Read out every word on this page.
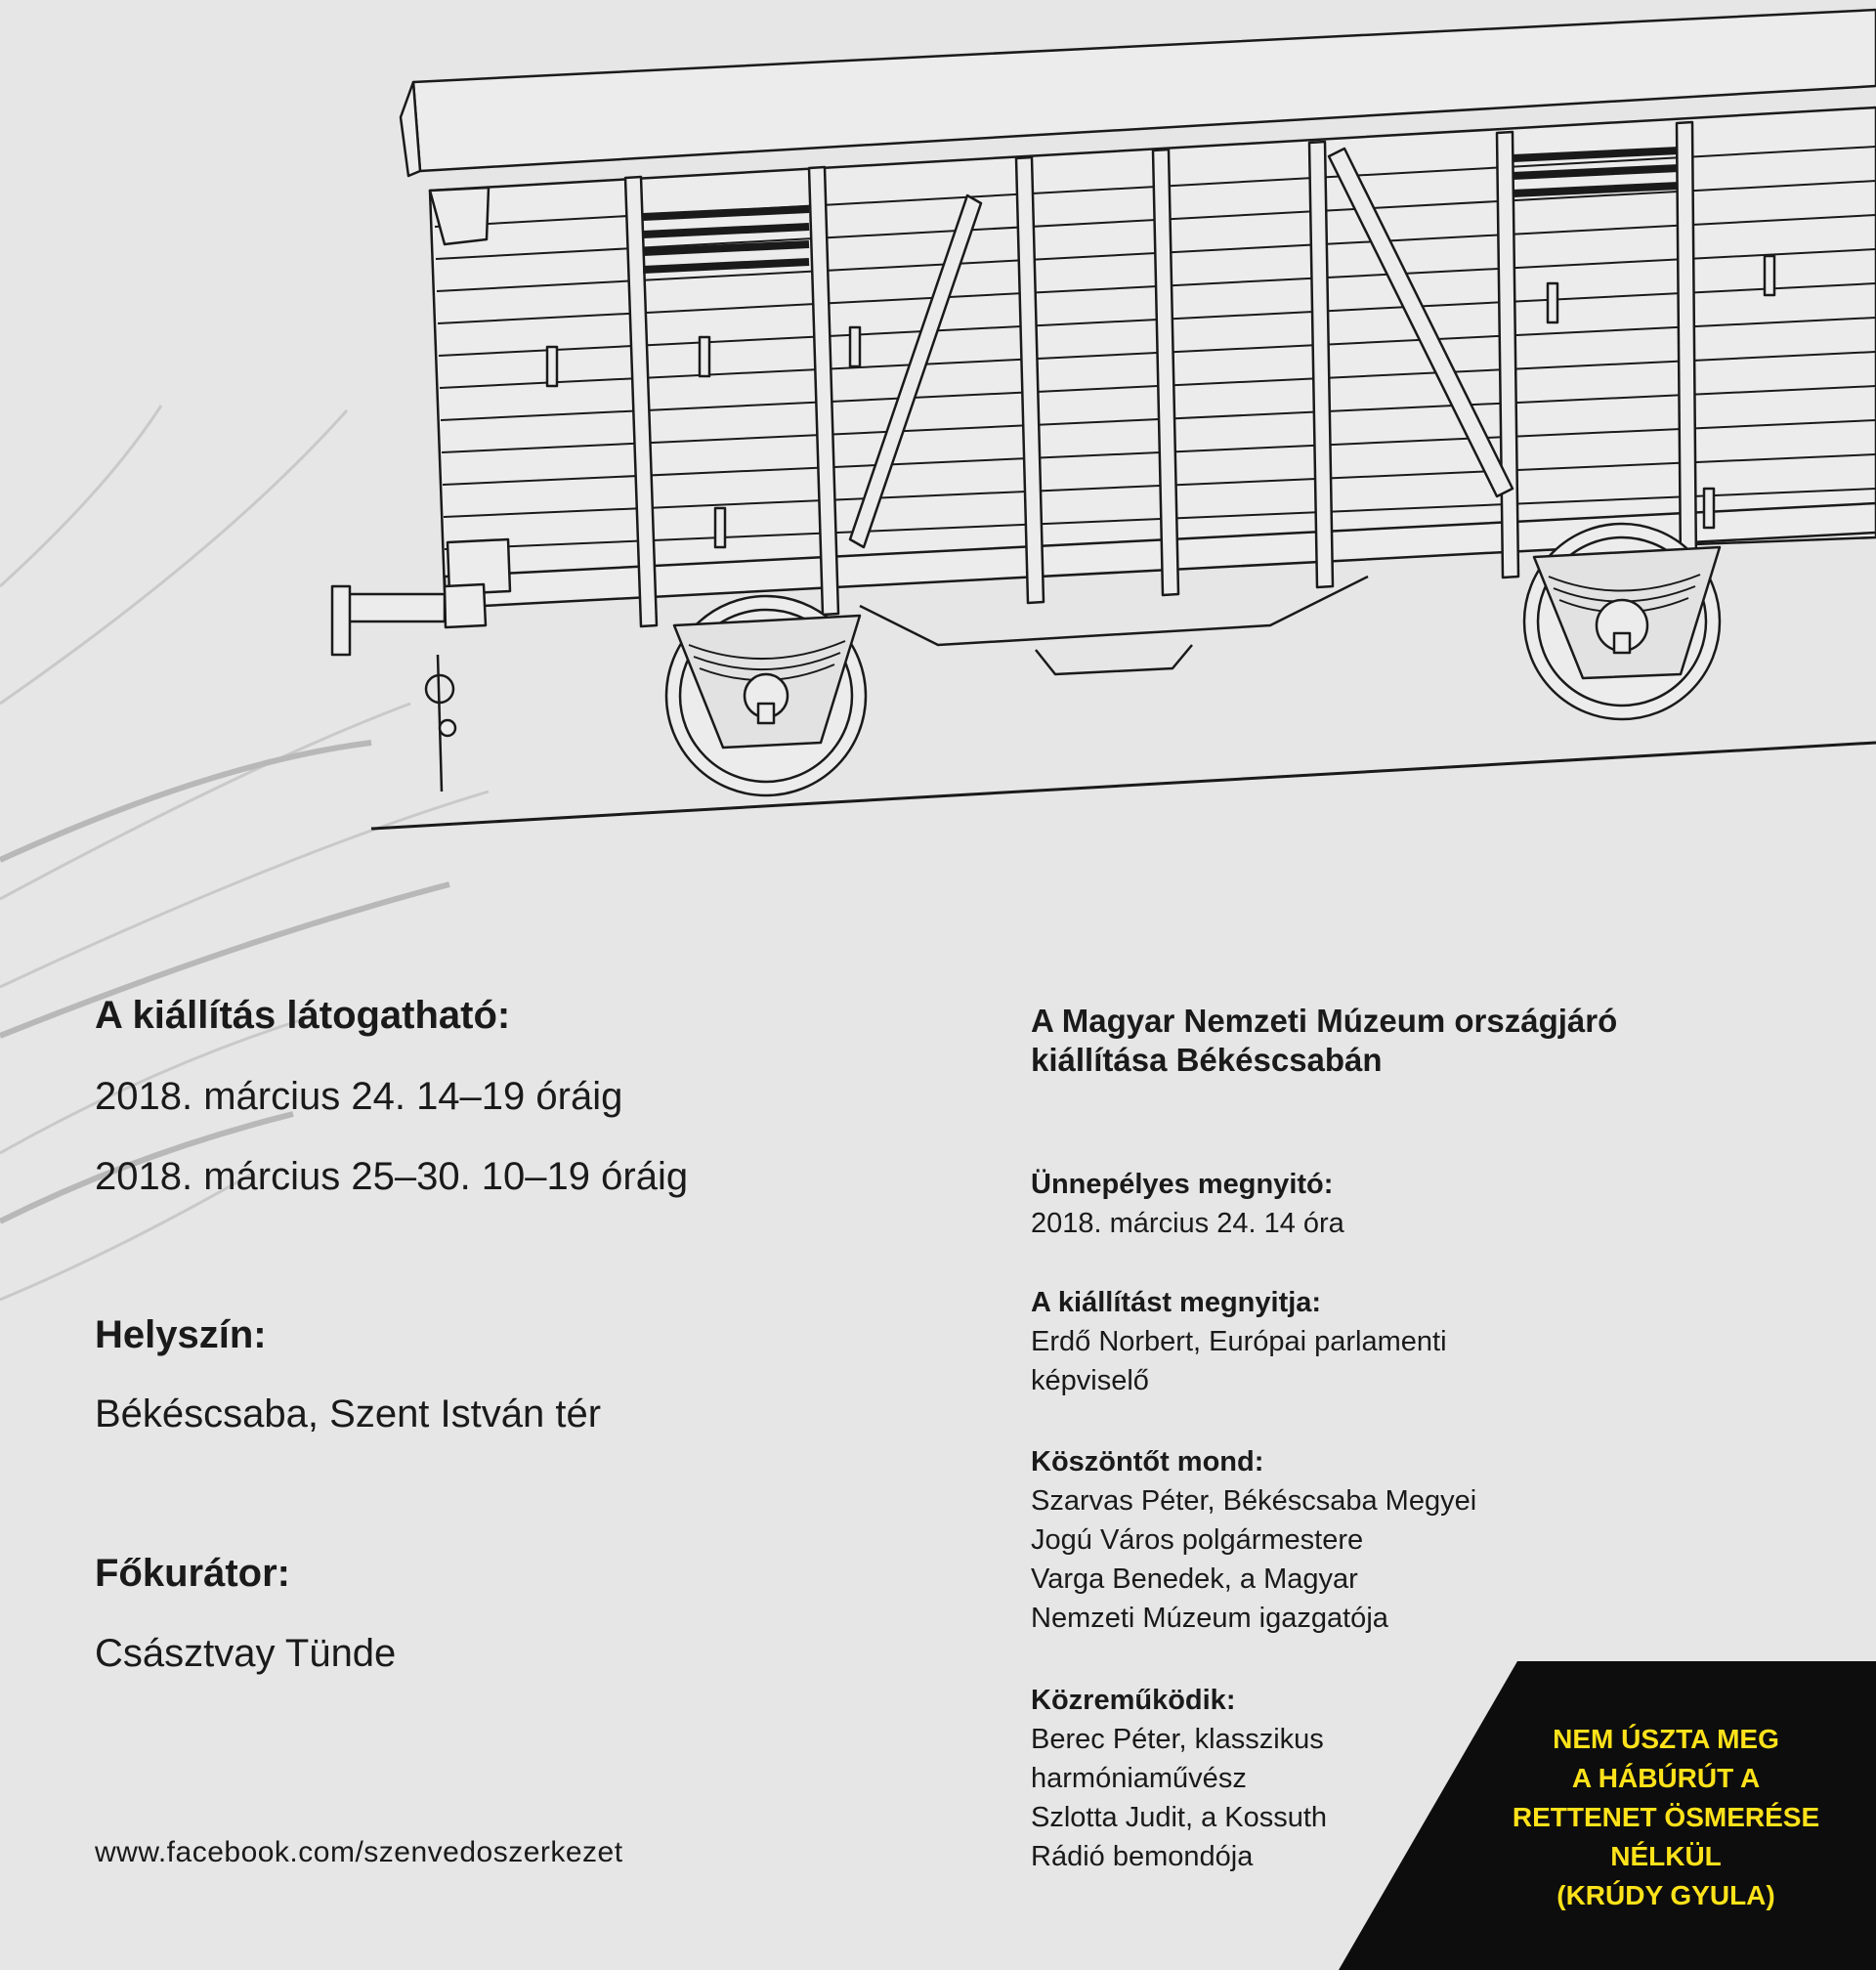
A kiállítás látogatható:

2018. március 24. 14–19 óráig

2018. március 25–30. 10–19 óráig

Helyszín:

Békéscsaba, Szent István tér

Főkurátor:

Császtvay Tünde

www.facebook.com/szenvedoszerkezet

A Magyar Nemzeti Múzeum országjáró
kiállítása Békéscsabán
Ünnepélyes megnyitó:
2018. március 24. 14 óra
A kiállítást megnyitja:
Erdő Norbert, Európai parlamenti
képviselő
Köszöntőt mond:
Szarvas Péter, Békéscsaba Megyei
Jogú Város polgármestere
Varga Benedek, a Magyar
Nemzeti Múzeum igazgatója
Közreműködik:
Berec Péter, klasszikus
harmóniaművész
Szlotta Judit, a Kossuth
Rádió bemondója
NEM ÚSZTA MEG
A HÁBÚRÚT A
RETTENET ÖSMERÉSE
NÉLKÜL
(KRÚDY GYULA)
